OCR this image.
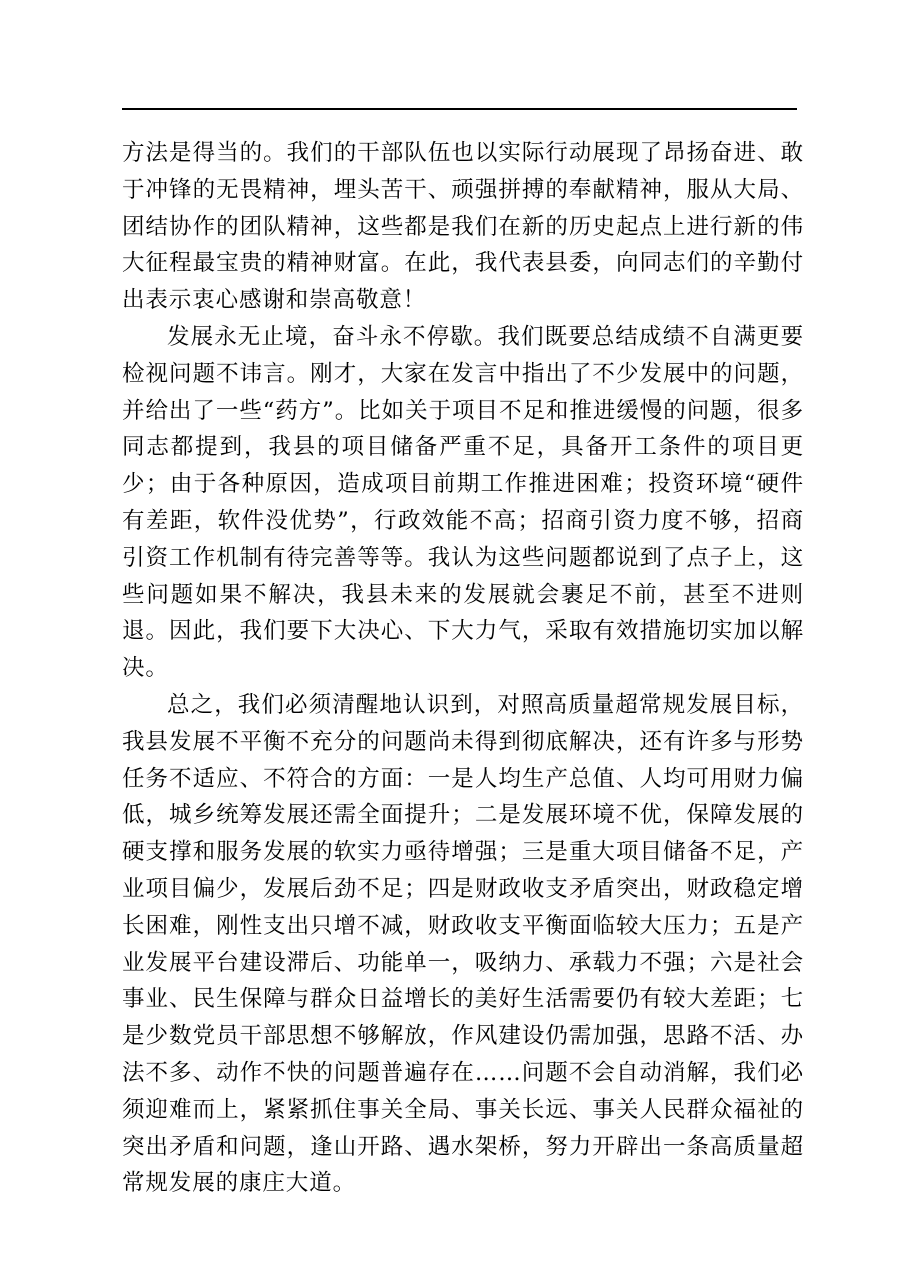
方法是得当的。我们的干部队伍也以实际行动展现了昂扬奋进、敢于冲锋的无畏精神，埋头苦干、顽强拼搏的奉献精神，服从大局、团结协作的团队精神，这些都是我们在新的历史起点上进行新的伟大征程最宝贵的精神财富。在此，我代表县委，向同志们的辛勤付出表示衷心感谢和崇高敬意！

发展永无止境，奋斗永不停歇。我们既要总结成绩不自满更要检视问题不讳言。刚才，大家在发言中指出了不少发展中的问题，并给出了一些“药方”。比如关于项目不足和推进缓慢的问题，很多同志都提到，我县的项目储备严重不足，具备开工条件的项目更少；由于各种原因，造成项目前期工作推进困难；投资环境“硬件有差距，软件没优势”，行政效能不高；招商引资力度不够，招商引资工作机制有待完善等等。我认为这些问题都说到了点子上，这些问题如果不解决，我县未来的发展就会裹足不前，甚至不进则退。因此，我们要下大决心、下大力气，采取有效措施切实加以解决。

总之，我们必须清醒地认识到，对照高质量超常规发展目标，我县发展不平衡不充分的问题尚未得到彻底解决，还有许多与形势任务不适应、不符合的方面：一是人均生产总值、人均可用财力偏低，城乡统筹发展还需全面提升；二是发展环境不优，保障发展的硬支撑和服务发展的软实力亟待增强；三是重大项目储备不足，产业项目偏少，发展后劲不足；四是财政收支矛盾突出，财政稳定增长困难，刚性支出只增不减，财政收支平衡面临较大压力；五是产业发展平台建设滞后、功能单一，吸纳力、承载力不强；六是社会事业、民生保障与群众日益增长的美好生活需要仍有较大差距；七是少数党员干部思想不够解放，作风建设仍需加强，思路不活、办法不多、动作不快的问题普遍存在……问题不会自动消解，我们必须迎难而上，紧紧抓住事关全局、事关长远、事关人民群众福祉的突出矛盾和问题，逢山开路、遇水架桥，努力开辟出一条高质量超常规发展的康庄大道。
